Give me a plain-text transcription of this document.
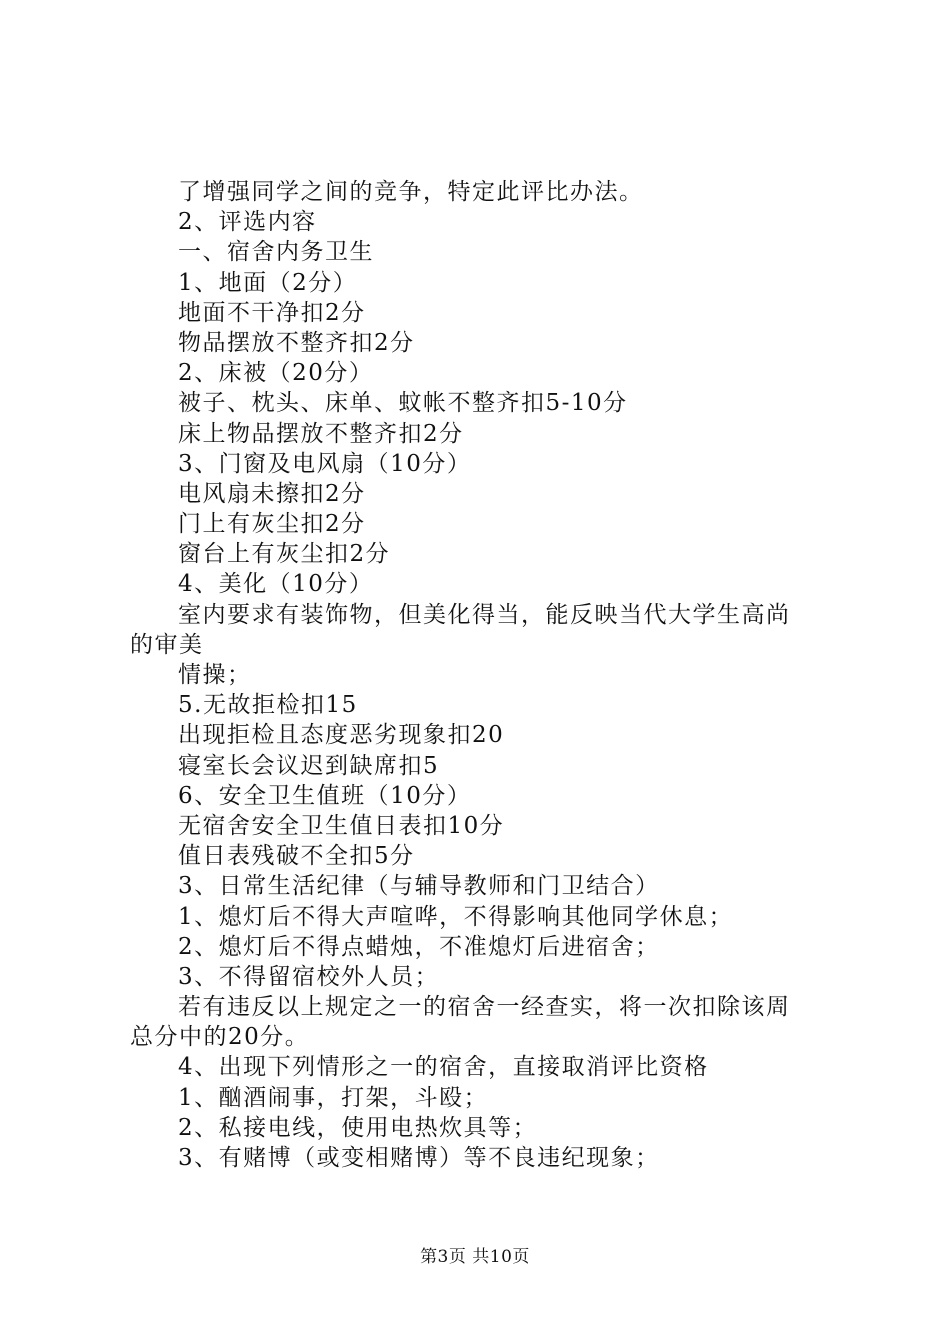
了增强同学之间的竞争，特定此评比办法。
2、评选内容
一、宿舍内务卫生
1、地面（2分）
地面不干净扣2分
物品摆放不整齐扣2分
2、床被（20分）
被子、枕头、床单、蚊帐不整齐扣5-10分
床上物品摆放不整齐扣2分
3、门窗及电风扇（10分）
电风扇未擦扣2分
门上有灰尘扣2分
窗台上有灰尘扣2分
4、美化（10分）
室内要求有装饰物，但美化得当，能反映当代大学生高尚
的审美
情操；
5.无故拒检扣15
出现拒检且态度恶劣现象扣20
寝室长会议迟到缺席扣5
6、安全卫生值班（10分）
无宿舍安全卫生值日表扣10分
值日表残破不全扣5分
3、日常生活纪律（与辅导教师和门卫结合）
1、熄灯后不得大声喧哗，不得影响其他同学休息；
2、熄灯后不得点蜡烛，不准熄灯后进宿舍；
3、不得留宿校外人员；
若有违反以上规定之一的宿舍一经查实，将一次扣除该周
总分中的20分。
4、出现下列情形之一的宿舍，直接取消评比资格
1、酗酒闹事，打架，斗殴；
2、私接电线，使用电热炊具等；
3、有赌博（或变相赌博）等不良违纪现象；
第3页 共10页
